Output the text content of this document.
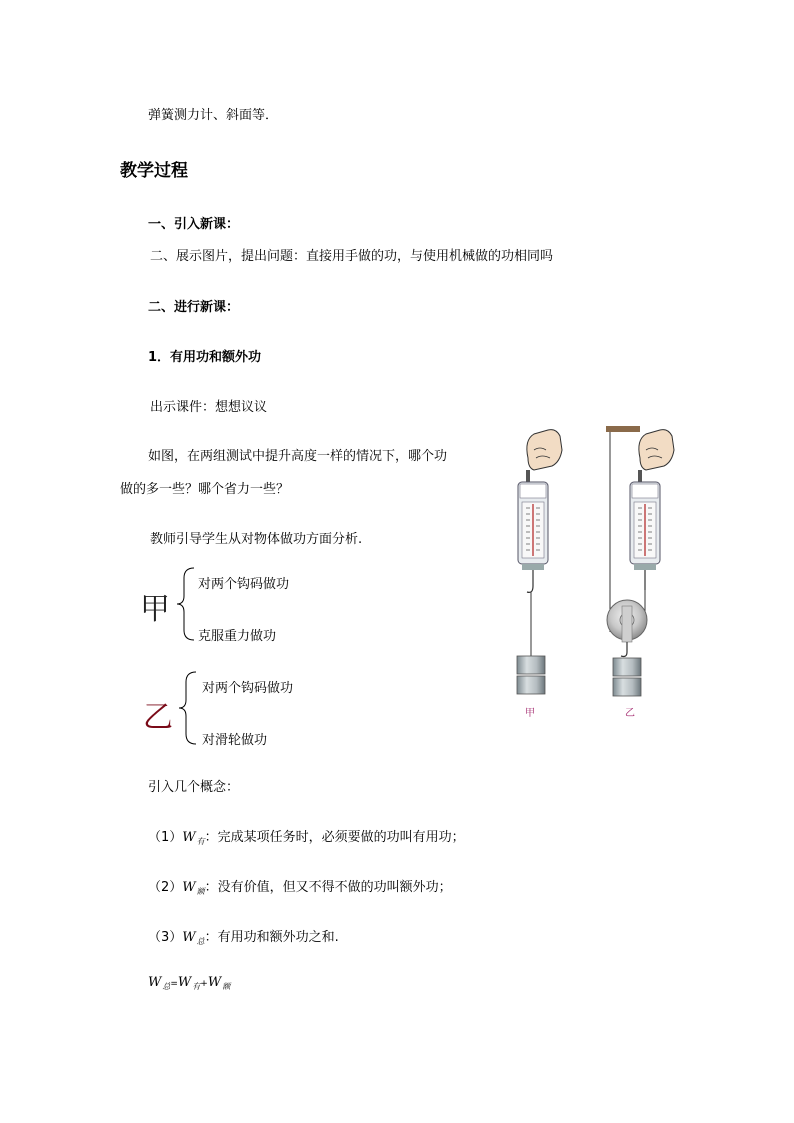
弹簧测力计、斜面等．
教学过程
一、引入新课：
二、展示图片，提出问题：直接用手做的功，与使用机械做的功相同吗
二、进行新课：
1．有用功和额外功
出示课件：想想议议
如图，在两组测试中提升高度一样的情况下，哪个功
做的多一些？哪个省力一些？
教师引导学生从对物体做功方面分析.
甲
对两个钩码做功
克服重力做功
乙
对两个钩码做功
对滑轮做功
引入几个概念：
$(1)W_有$：完成某项任务时，必须要做的功叫有用功；
$(2)W_额$：没有价值，但又不得不做的功叫额外功；
$(3)W_总$：有用功和额外功之和.
$W_总=W_有+W_额$
甲	乙
